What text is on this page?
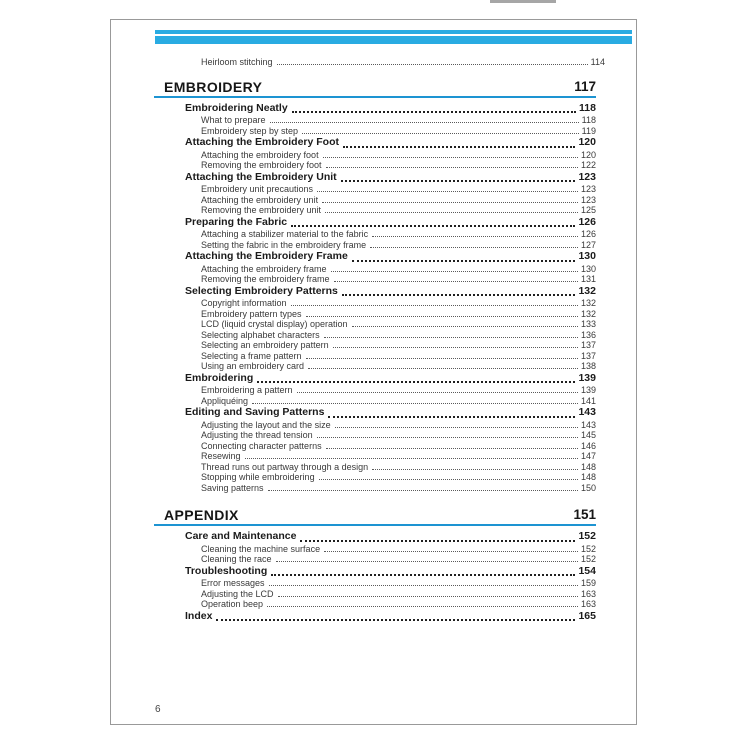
Heirloom stitching	114
EMBROIDERY	117
Embroidering Neatly	118
What to prepare	118
Embroidery step by step	119
Attaching the Embroidery Foot	120
Attaching the embroidery foot	120
Removing the embroidery foot	122
Attaching the Embroidery Unit	123
Embroidery unit precautions	123
Attaching the embroidery unit	123
Removing the embroidery unit	125
Preparing the Fabric	126
Attaching a stabilizer material to the fabric	126
Setting the fabric in the embroidery frame	127
Attaching the Embroidery Frame	130
Attaching the embroidery frame	130
Removing the embroidery frame	131
Selecting Embroidery Patterns	132
Copyright information	132
Embroidery pattern types	132
LCD (liquid crystal display) operation	133
Selecting alphabet characters	136
Selecting an embroidery pattern	137
Selecting a frame pattern	137
Using an embroidery card	138
Embroidering	139
Embroidering a pattern	139
Appliquéing	141
Editing and Saving Patterns	143
Adjusting the layout and the size	143
Adjusting the thread tension	145
Connecting character patterns	146
Resewing	147
Thread runs out partway through a design	148
Stopping while embroidering	148
Saving patterns	150
APPENDIX	151
Care and Maintenance	152
Cleaning the machine surface	152
Cleaning the race	152
Troubleshooting	154
Error messages	159
Adjusting the LCD	163
Operation beep	163
Index	165
6
